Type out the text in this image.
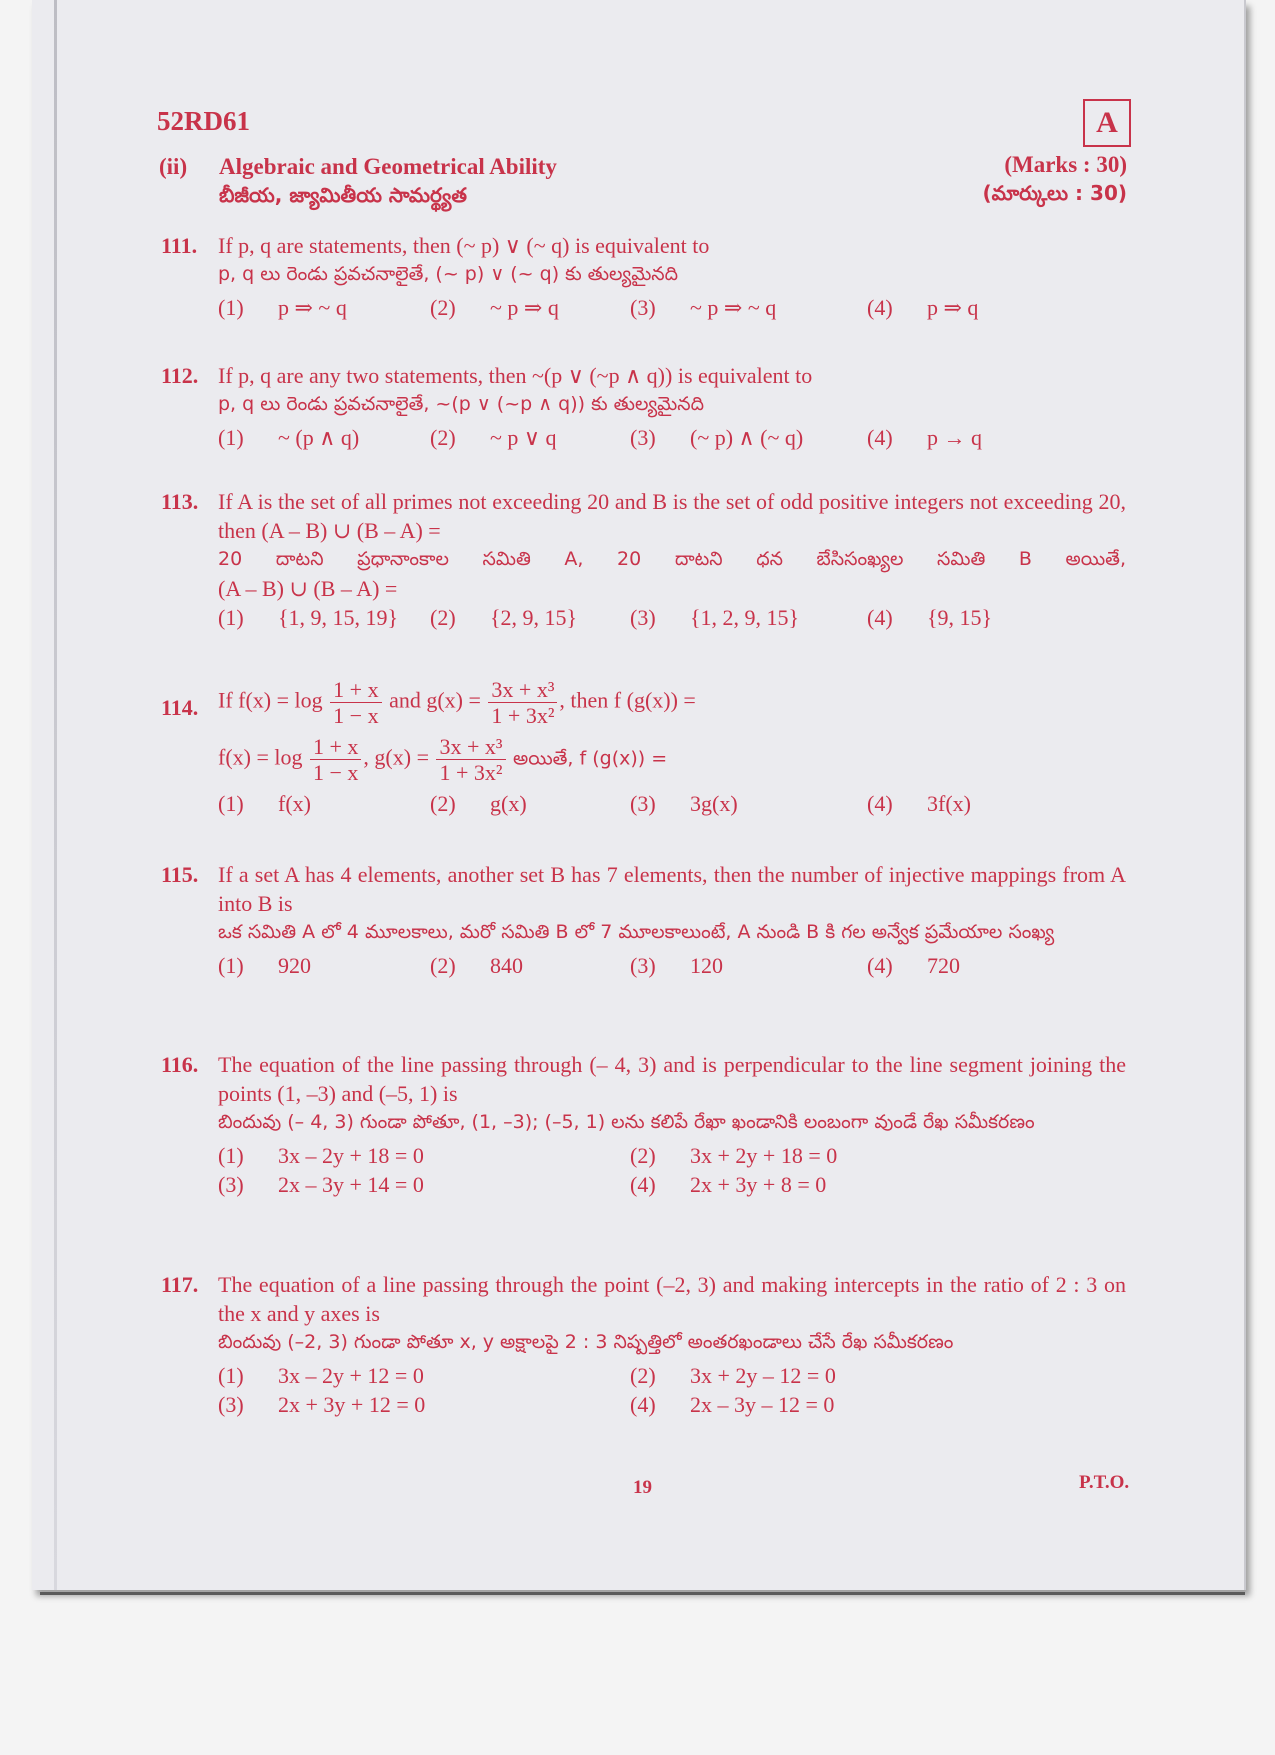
52RD61	A
(ii) Algebraic and Geometrical Ability
బీజీయ, జ్యామితీయ సామర్థ్యత
(Marks : 30)
(మార్కులు : 30)
111. If p, q are statements, then (~ p) ∨ (~ q) is equivalent to
p, q లు రెండు ప్రవచనాలైతే, (~ p) ∨ (~ q) కు తుల్యమైనది
(1)	p ⇒ ~ q	(2)	~ p ⇒ q	(3)	~ p ⇒ ~ q	(4)	p ⇒ q
112. If p, q are any two statements, then ~(p ∨ (~p ∧ q)) is equivalent to
p, q లు రెండు ప్రవచనాలైతే, ~(p ∨ (~p ∧ q)) కు తుల్యమైనది
(1)	~ (p ∧ q)	(2)	~ p ∨ q	(3)	(~ p) ∧ (~ q)	(4)	p → q
113. If A is the set of all primes not exceeding 20 and B is the set of odd positive integers not exceeding 20, then (A – B) ∪ (B – A) =
20 దాటని ప్రధానాంకాల సమితి A, 20 దాటని ధన బేసిసంఖ్యల సమితి B అయితే,
(A – B) ∪ (B – A) =
(1)	{1, 9, 15, 19} (2)	{2, 9, 15} (3)	{1, 2, 9, 15}	(4)	{9, 15}
114. If $f(x) = \log \frac{1 + x}{1 - x}$ and $g(x) = \frac{\text{3x + x³}}{\text{1 + 3x²}}$ , then f (g(x)) =
$f(x) = \log \frac{1 + x}{1 - x}$ , $g(x) = \frac{\text{3x + x³}}{\text{1 + 3x²}}$ అయితే, f (g(x)) =
(1)	f(x)	(2)	g(x)	(3)	3g(x)	(4)	3f(x)
115. If a set A has 4 elements, another set B has 7 elements, then the number of injective mappings from A into B is
ఒక సమితి A లో 4 మూలకాలు, మరో సమితి B లో 7 మూలకాలుంటే, A నుండి B కి గల అన్వేక ప్రమేయాల సంఖ్య
(1)	920	(2)	840	(3)	120	(4)	720
116. The equation of the line passing through (– 4, 3) and is perpendicular to the line segment joining the points (1, –3) and (–5, 1) is
బిందువు (– 4, 3) గుండా పోతూ, (1, –3); (–5, 1) లను కలిపే రేఖా ఖండానికి లంబంగా వుండే రేఖ సమీకరణం
(1)	3x – 2y + 18 = 0	(2)	3x + 2y + 18 = 0
(3)	2x – 3y + 14 = 0	(4)	2x + 3y + 8 = 0
117. The equation of a line passing through the point (–2, 3) and making intercepts in the ratio of 2 : 3 on the x and y axes is
బిందువు (–2, 3) గుండా పోతూ x, y అక్షాలపై 2 : 3 నిష్పత్తిలో అంతరఖండాలు చేసే రేఖ సమీకరణం
(1)	3x – 2y + 12 = 0	(2)	3x + 2y – 12 = 0
(3)	2x + 3y + 12 = 0	(4)	2x – 3y – 12 = 0
19	P.T.O.
